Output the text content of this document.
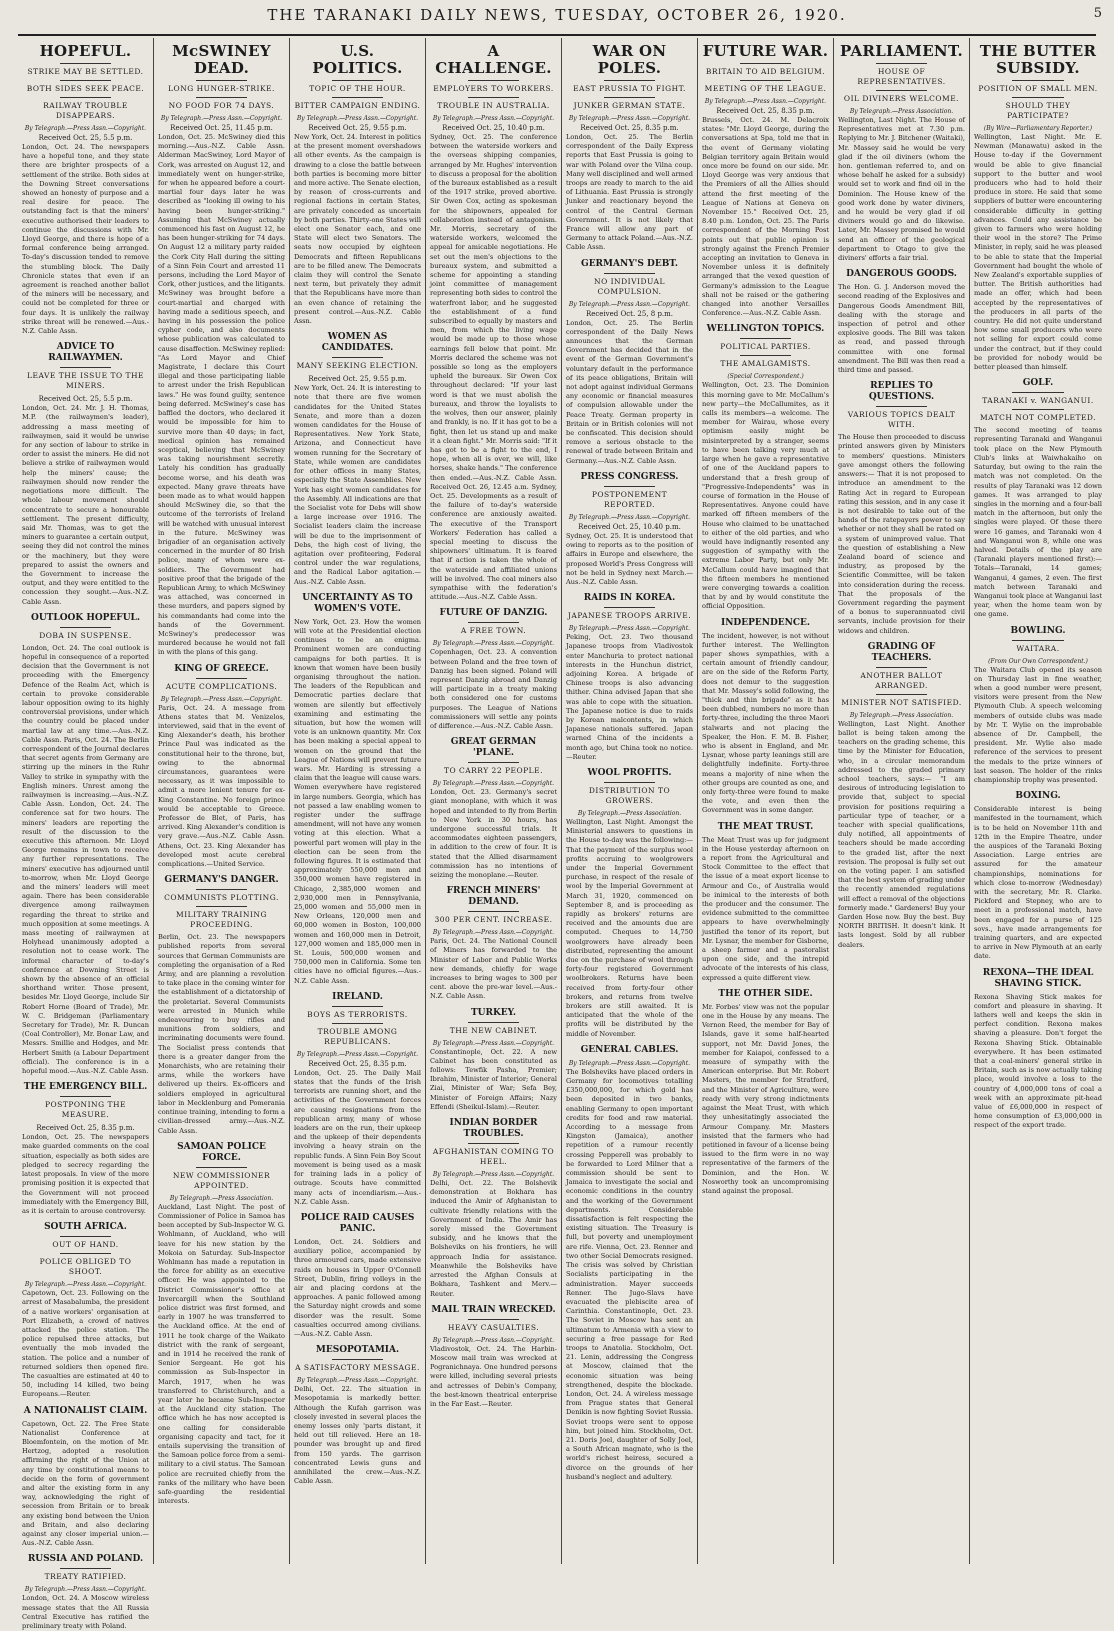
THE TARANAKI DAILY NEWS, TUESDAY, OCTOBER 26, 1920.	5
HOPEFUL.
STRIKE MAY BE SETTLED.
BOTH SIDES SEEK PEACE.
RAILWAY TROUBLE DISAPPEARS.
By Telegraph.—Press Assn.—Copyright.
Received Oct. 25, 5.5 p.m.

London, Oct. 24. The newspapers have a hopeful tone, and they state there are brighter prospects of a settlement of the strike. Both sides at the Downing Street conversations showed an honesty of purpose and a real desire for peace. The outstanding fact is that the miners' executive authorised their leaders to continue the discussions with Mr. Lloyd George, and there is hope of a formal conference being arranged. To-day's discussion tended to remove the stumbling block. The Daily Chronicle states that even if an agreement is reached another ballot of the miners will be necessary, and could not be completed for three or four days. It is unlikely the railway strike threat will be renewed.—Aus.-N.Z. Cable Assn.

ADVICE TO RAILWAYMEN.
LEAVE THE ISSUE TO THE MINERS.
Received Oct. 25, 5.5 p.m.

London, Oct. 24. Mr. J. H. Thomas, M.P. (the railwaymen's leader), addressing a mass meeting of railwaymen, said it would be unwise for any section of labour to strike in order to assist the miners. He did not believe a strike of railwaymen would help the miners' cause; the railwaymen should now render the negotiations more difficult. The whole labour movement should concentrate to secure a honourable settlement. The present difficulty, said Mr. Thomas, was to get the miners to guarantee a certain output, seeing they did not control the mines or the machinery, but they were prepared to assist the owners and the Government to increase the output, and they were entitled to the concession they sought.—Aus.-N.Z. Cable Assn.

OUTLOOK HOPEFUL.
DOBA IN SUSPENSE.

London, Oct. 24. The coal outlook is hopeful in consequence of a reported decision that the Government is not proceeding with the Emergency Defence of the Realm Act, which is certain to provoke considerable labour opposition owing to its highly controversial provisions, under which the country could be placed under martial law at any time.—Aus.-N.Z. Cable Assn. Paris, Oct. 24. The Berlin correspondent of the Journal declares that secret agents from Germany are stirring up the miners in the Ruhr Valley to strike in sympathy with the English miners. Unrest among the railwaymen is increasing.—Aus.-N.Z. Cable Assn. London, Oct. 24. The conference sat for two hours. The miners' leaders are reporting the result of the discussion to the executive this afternoon. Mr. Lloyd George remains in town to receive any further representations. The miners' executive has adjourned until to-morrow, when Mr. Lloyd George and the miners' leaders will meet again. There has been considerable divergence among railwaymen regarding the threat to strike and much opposition at some meetings. A mass meeting of railwaymen at Holyhead unanimously adopted a resolution not to cease work. The informal character of to-day's conference at Downing Street is shown by the absence of an official shorthand writer. Those present, besides Mr. Lloyd George, include Sir Robert Horne (Board of Trade), Mr. W. C. Bridgeman (Parliamentary Secretary for Trade), Mr. R. Duncan (Coal Controller), Mr. Bonar Law, and Messrs. Smillie and Hodges, and Mr. Herbert Smith (a Labour Department official). The conference is in a hopeful mood.—Aus.-N.Z. Cable Assn.

THE EMERGENCY BILL.
POSTPONING THE MEASURE.
Received Oct. 25, 8.35 p.m.

London, Oct. 25. The newspapers make guarded comments on the coal situation, especially as both sides are pledged to secrecy regarding the latest proposals. In view of the more promising position it is expected that the Government will not proceed immediately with the Emergency Bill, as it is certain to arouse controversy.

SOUTH AFRICA.
OUT OF HAND.
POLICE OBLIGED TO SHOOT.
By Telegraph.—Press Assn.—Copyright.

Capetown, Oct. 23. Following on the arrest of Masabalumba, the president of a native workers' organisation at Port Elizabeth, a crowd of natives attacked the police station. The police repulsed three attacks, but eventually the mob invaded the station. The police and a number of returned soldiers then opened fire. The casualties are estimated at 40 to 50, including 14 killed, two being Europeans.—Reuter.

A NATIONALIST CLAIM.

Capetown, Oct. 22. The Free State Nationalist Conference at Bloemfontein, on the motion of Mr. Hertzog, adopted a resolution affirming the right of the Union at any time by constitutional means to decide on the form of government and alter the existing form in any way, acknowledging the right of secession from Britain or to break any existing bond between the Union and Britain, and also declaring against any closer imperial union.—Aus.-N.Z. Cable Assn.

RUSSIA AND POLAND.
TREATY RATIFIED.
By Telegraph.—Press Assn.—Copyright.

London, Oct. 24. A Moscow wireless message states that the All Russia Central Executive has ratified the preliminary treaty with Poland.

McSWINEY DEAD.
LONG HUNGER-STRIKE.
NO FOOD FOR 74 DAYS.
By Telegraph.—Press Assn.—Copyright.
Received Oct. 25, 11.45 p.m.

London, Oct. 25. McSwiney died this morning.—Aus.-N.Z. Cable Assn. Alderman MacSwiney, Lord Mayor of Cork, was arrested on August 12, and immediately went on hunger-strike, for when he appeared before a court-martial four days later he was described as "looking ill owing to his having been hunger-striking." Assuming that McSwiney actually commenced his fast on August 12, he has been hunger-striking for 74 days. On August 12 a military party raided the Cork City Hall during the sitting of a Sinn Fein Court and arrested 11 persons, including the Lord Mayor of Cork, other justices, and the litigants. McSwiney was brought before a court-martial and charged with having made a seditious speech, and having in his possession the police cypher code, and also documents whose publication was calculated to cause disaffection. McSwiney replied: "As Lord Mayor and Chief Magistrate, I declare this Court illegal and those participating liable to arrest under the Irish Republican laws." He was found guilty, sentence being deferred. McSwiney's case has baffled the doctors, who declared it would be impossible for him to survive more than 40 days; in fact, medical opinion has remained sceptical, believing that McSwiney was taking nourishment secretly. Lately his condition has gradually become worse, and his death was expected. Many grave threats have been made as to what would happen should McSwiney die, so that the outcome of the terrorists of Ireland will be watched with unusual interest in the future. McSwiney was brigadier of an organisation actively concerned in the murder of 80 Irish police, many of whom were ex-soldiers. The Government had positive proof that the brigade of the Republican Army, to which McSwiney was attached, was concerned in these murders, and papers signed by his commandants had come into the hands of the Government. McSwiney's predecessor was murdered because he would not fall in with the plans of this gang.

KING OF GREECE.
ACUTE COMPLICATIONS.
By Telegraph.—Press Assn.—Copyright.

Paris, Oct. 24. A message from Athens states that M. Venizelos, interviewed, said that in the event of King Alexander's death, his brother Prince Paul was indicated as the constitutional heir to the throne, but, owing to the abnormal circumstances, guarantees were necessary, as it was impossible to admit a more lenient tenure for ex-King Constantine. No foreign prince would be acceptable to Greece. Professor de Blet, of Paris, has arrived. King Alexander's condition is very grave.—Aus.-N.Z. Cable Assn. Athens, Oct. 23. King Alexander has developed most acute cerebral complications.—United Service.

GERMANY'S DANGER.
COMMUNISTS PLOTTING.
MILITARY TRAINING PROCEEDING.

Berlin, Oct. 23. The newspapers published reports from several sources that German Communists are completing the organisation of a Red Army, and are planning a revolution to take place in the coming winter for the establishment of a dictatorship of the proletariat. Several Communists were arrested in Munich while endeavouring to buy rifles and munitions from soldiers, and incriminating documents were found. The Socialist press contends that there is a greater danger from the Monarchists, who are retaining their arms, while the workers have delivered up theirs. Ex-officers and soldiers employed in agricultural labor in Mecklenburg and Pomerania continue training, intending to form a civilian-dressed army.—Aus.-N.Z. Cable Assn.

SAMOAN POLICE FORCE.
NEW COMMISSIONER APPOINTED.
By Telegraph.—Press Association.

Auckland, Last Night. The post of Commissioner of Police in Samoa has been accepted by Sub-Inspector W. G. Wohlmann, of Auckland, who will leave for his new station by the Mokoia on Saturday. Sub-Inspector Wohlmann has made a reputation in the force for ability as an executive officer. He was appointed to the District Commissioner's office at Invercargill when the Southland police district was first formed, and early in 1907 he was transferred to the Auckland office. At the end of 1911 he took charge of the Waikato district with the rank of sergeant, and in 1914 he received the rank of Senior Sergeant. He got his commission as Sub-Inspector in March, 1917, when he was transferred to Christchurch, and a year later he became Sub-Inspector at the Auckland city station. The office which he has now accepted is one calling for considerable organising capacity and tact, for it entails supervising the transition of the Samoan police force from a semi-military to a civil status. The Samoan police are recruited chiefly from the ranks of the military who have been safe-guarding the residential interests.

U.S. POLITICS.
TOPIC OF THE HOUR.
BITTER CAMPAIGN ENDING.
By Telegraph.—Press Assn.—Copyright.
Received Oct. 25, 9.55 p.m.

New York, Oct. 24. Interest in politics at the present moment overshadows all other events. As the campaign is drawing to a close the battle between both parties is becoming more bitter and more active. The Senate election, by reason of cross-currents and regional factions in certain States, are privately conceded as uncertain by both parties. Thirty-one States will elect one Senator each, and one State will elect two Senators. The seats now occupied by eighteen Democrats and fifteen Republicans are to be filled anew. The Democrats claim they will control the Senate next term, but privately they admit that the Republicans have more than an even chance of retaining the present control.—Aus.-N.Z. Cable Assn.

WOMEN AS CANDIDATES.
MANY SEEKING ELECTION.
Received Oct. 25, 9.55 p.m.

New York, Oct. 24. It is interesting to note that there are five women candidates for the United States Senate, and more than a dozen women candidates for the House of Representatives. New York State, Arizona, and Connecticut have women running for the Secretary of State, while women are candidates for other offices in many States, especially the State Assemblies. New York has eight women candidates for the Assembly. All indications are that the Socialist vote for Debs will show a large increase over 1916. The Socialist leaders claim the increase will be due to the imprisonment of Debs, the high cost of living, the agitation over profiteering, Federal control under the war regulations, and the Radical Labor agitation.—Aus.-N.Z. Cable Assn.

UNCERTAINTY AS TO WOMEN'S VOTE.

New York, Oct. 23. How the women will vote at the Presidential election continues to be an enigma. Prominent women are conducting campaigns for both parties. It is known that women have been busily organising throughout the nation. The leaders of the Republican and Democratic parties declare that women are silently but effectively examining and estimating the situation, but how the women will vote is an unknown quantity. Mr. Cox has been making a special appeal to women on the ground that the League of Nations will prevent future wars. Mr. Harding is stressing a claim that the league will cause wars. Women everywhere have registered in large numbers. Georgia, which has not passed a law enabling women to register under the suffrage amendment, will not have any women voting at this election. What a powerful part women will play in the election can be seen from the following figures. It is estimated that approximately 550,000 men and 350,000 women have registered in Chicago, 2,385,000 women and 2,930,000 men in Pennsylvania, 25,000 women and 55,000 men in New Orleans, 120,000 men and 60,000 women in Boston, 100,000 women and 160,000 men in Detroit, 127,000 women and 185,000 men in St. Louis, 500,000 women and 750,000 men in California. Some ten cities have no official figures.—Aus.-N.Z. Cable Assn.

IRELAND.
BOYS AS TERRORISTS.
TROUBLE AMONG REPUBLICANS.
By Telegraph.—Press Assn.—Copyright.
Received Oct. 25, 8.35 p.m.

London, Oct. 25. The Daily Mail states that the funds of the Irish terrorists are running short, and the activities of the Government forces are causing resignations from the republican army, many of whose leaders are on the run, their upkeep and the upkeep of their dependents involving a heavy strain on the republic funds. A Sinn Fein Boy Scout movement is being used as a mask for training lads in a policy of outrage. Scouts have committed many acts of incendiarism.—Aus.-N.Z. Cable Assn.

POLICE RAID CAUSES PANIC.

London, Oct. 24. Soldiers and auxiliary police, accompanied by three armoured cars, made extensive raids on houses in Upper O'Connell Street, Dublin, firing volleys in the air and placing cordons at the approaches. A panic followed among the Saturday night crowds and some disorder was the result. Some casualties occurred among civilians.—Aus.-N.Z. Cable Assn.

MESOPOTAMIA.
A SATISFACTORY MESSAGE.
By Telegraph.—Press Assn.—Copyright.

Delhi, Oct. 22. The situation in Mesopotamia is markedly better. Although the Kufah garrison was closely invested in several places the enemy losses only 'parts distant, it held out till relieved. Here an 18-pounder was brought up and fired from 150 yards. The garrison concentrated Lewis guns and annihilated the crew.—Aus.-N.Z. Cable Assn.

A CHALLENGE.
EMPLOYERS TO WORKERS.
TROUBLE IN AUSTRALIA.
By Telegraph.—Press Assn.—Copyright.
Received Oct. 25, 10.40 p.m.

Sydney, Oct. 25. The conference between the waterside workers and the overseas shipping companies, arranged by Mr. Hughes' intervention to discuss a proposal for the abolition of the bureaux established as a result of the 1917 strike, proved abortive. Sir Owen Cox, acting as spokesman for the shipowners, appealed for collaboration instead of antagonism. Mr. Morris, secretary of the waterside workers, welcomed the appeal for amicable negotiations. He set out the men's objections to the bureaux system, and submitted a scheme for appointing a standing joint committee of management representing both sides to control the waterfront labor, and he suggested the establishment of a fund subscribed to equally by masters and men, from which the living wage would be made up to those whose earnings fell below that point. Mr. Morris declared the scheme was not possible so long as the employers upheld the bureaux. Sir Owen Cox throughout declared: "If your last word is that we must abolish the bureaux, and throw the loyalists to the wolves, then our answer, plainly and frankly, is no. If it has got to be a fight, then let us stand up and make it a clean fight." Mr. Morris said: "If it has got to be a fight to the end, I hope, when all is over, we will, like horses, shake hands." The conference then ended.—Aus.-N.Z. Cable Assn. Received Oct. 26, 12.45 a.m. Sydney, Oct. 25. Developments as a result of the failure of to-day's waterside conference are anxiously awaited. The executive of the Transport Workers' Federation has called a special meeting to discuss the shipowners' ultimatum. It is feared that if action is taken the whole of the waterside and affiliated unions will be involved. The coal miners also sympathise with the federation's attitude.—Aus.-N.Z. Cable Assn.

FUTURE OF DANZIG.
A FREE TOWN.
By Telegraph.—Press Assn.—Copyright.

Copenhagen, Oct. 23. A convention between Poland and the free town of Danzig has been signed. Poland will represent Danzig abroad and Danzig will participate in a treaty making both considered one for customs purposes. The League of Nations commissioners will settle any points of difference.—Aus.-N.Z. Cable Assn.

GREAT GERMAN 'PLANE.
TO CARRY 22 PEOPLE.
By Telegraph.—Press Assn.—Copyright.

London, Oct. 23. Germany's secret giant monoplane, with which it was hoped and intended to fly from Berlin to New York in 30 hours, has undergone successful trials. It accommodates eighteen passengers, in addition to the crew of four. It is stated that the Allied disarmament commission has no intentions of seizing the monoplane.—Reuter.

FRENCH MINERS' DEMAND.
300 PER CENT. INCREASE.
By Telegraph.—Press Assn.—Copyright.

Paris, Oct. 24. The National Council of Miners has forwarded to the Minister of Labor and Public Works new demands, chiefly for wage increases to bring wages to 300 per cent. above the pre-war level.—Aus.-N.Z. Cable Assn.

TURKEY.
THE NEW CABINET.
By Telegraph.—Press Assn.—Copyright.

Constantinople, Oct. 22. A new Cabinet has been constituted as follows: Tewfik Pasha, Premier; Ibrahim, Minister of Interior; General Ziai, Minister of War; Sefa Bey, Minister of Foreign Affairs; Nazy Effendi (Sheikul-Islam).—Reuter.

INDIAN BORDER TROUBLES.
AFGHANISTAN COMING TO HEEL.
By Telegraph.—Press Assn.—Copyright.

Delhi, Oct. 22. The Bolshevik demonstration at Bokhara has induced the Amir of Afghanistan to cultivate friendly relations with the Government of India. The Amir has sorely missed the Government subsidy, and he knows that the Bolsheviks on his frontiers, he will approach India for assistance. Meanwhile the Bolsheviks have arrested the Afghan Consuls at Bokhara, Tashkent and Merv.—Reuter.

MAIL TRAIN WRECKED.
HEAVY CASUALTIES.
By Telegraph.—Press Assn.—Copyright.

Vladivostok, Oct. 24. The Harbin-Moscow mail train was wrecked at Pogranichnaya. One hundred persons were killed, including several priests and actresses of Debin's Company, the best-known theatrical enterprise in the Far East.—Reuter.

WAR ON POLES.
EAST PRUSSIA TO FIGHT.
JUNKER GERMAN STATE.
By Telegraph.—Press Assn.—Copyright.
Received Oct. 25, 8.35 p.m.

London, Oct. 25. The Berlin correspondent of the Daily Express reports that East Prussia is going to war with Poland over the Vilna coup. Many well disciplined and well armed troops are ready to march to the aid of Lithuania. East Prussia is strongly Junker and reactionary beyond the control of the Central German Government. It is not likely that France will allow any part of Germany to attack Poland.—Aus.-N.Z. Cable Assn.

GERMANY'S DEBT.
NO INDIVIDUAL COMPULSION.
By Telegraph.—Press Assn.—Copyright.
Received Oct. 25, 8 p.m.

London, Oct. 25. The Berlin correspondent of the Daily News announces that the German Government has decided that in the event of the German Government's voluntary default in the performance of its peace obligations, Britain will not adopt against individual Germans any economic or financial measures of compulsion allowable under the Peace Treaty. German property in Britain or in British colonies will not be confiscated. This decision should remove a serious obstacle to the renewal of trade between Britain and Germany.—Aus.-N.Z. Cable Assn.

PRESS CONGRESS.
POSTPONEMENT REPORTED.
By Telegraph.—Press Assn.—Copyright.
Received Oct. 25, 10.40 p.m.

Sydney, Oct. 25. It is understood that owing to reports as to the position of affairs in Europe and elsewhere, the proposed World's Press Congress will not be held in Sydney next March.—Aus.-N.Z. Cable Assn.

RAIDS IN KOREA.
JAPANESE TROOPS ARRIVE.
By Telegraph.—Press Assn.—Copyright.

Peking, Oct. 23. Two thousand Japanese troops from Vladivostok enter Manchuria to protect national interests in the Hunchun district, adjoining Korea. A brigade of Chinese troops is also advancing thither. China advised Japan that she was able to cope with the situation. The Japanese notice is due to raids by Korean malcontents, in which Japanese nationals suffered. Japan warned China of the incidents a month ago, but China took no notice.—Reuter.

WOOL PROFITS.
DISTRIBUTION TO GROWERS.
By Telegraph.—Press Association.

Wellington, Last Night. Amongst the Ministerial answers to questions in the House to-day was the following:— That the payment of the surplus wool profits accruing to woolgrowers under the Imperial Government purchase, in respect of the resale of wool by the Imperial Government at March 31, 1920, commenced on September 8, and is proceeding as rapidly as brokers' returns are received and the amounts due are computed. Cheques to 14,750 woolgrowers have already been distributed, representing the amount due on the purchase of wool through forty-four registered Government woolbrokers. Returns have been received from forty-four other brokers, and returns from twelve brokers are still awaited. It is anticipated that the whole of the profits will be distributed by the middle of November.

GENERAL CABLES.
By Telegraph.—Press Assn.—Copyright.

The Bolsheviks have placed orders in Germany for locomotives totalling £350,000,000, for which gold has been deposited in two banks, enabling Germany to open important credits for food and raw material. According to a message from Kingston (Jamaica), another repetition of a rumour recently crossing Pepperell was probably to be forwarded to Lord Milner that a commission should be sent to Jamaica to investigate the social and economic conditions in the country and the working of the Government departments. Considerable dissatisfaction is felt respecting the existing situation. The Treasury is full, but poverty and unemployment are rife. Vienna, Oct. 23. Renner and two other Social Democrats resigned. The crisis was solved by Christian Socialists participating in the administration. Mayer succeeds Renner. The Jugo-Slavs have evacuated the plebiscite area of Carinthia. Constantinople, Oct. 23. The Soviet in Moscow has sent an ultimatum to Armenia with a view to securing a free passage for Red troops to Anatolia. Stockholm, Oct. 21. Lenin, addressing the Congress at Moscow, claimed that the economic situation was being strengthened, despite the blockade. London, Oct. 24. A wireless message from Prague states that General Denikin is now fighting Soviet Russia. Soviet troops were sent to oppose him, but joined him. Stockholm, Oct. 21. Doris Joel, daughter of Solly Joel, a South African magnate, who is the world's richest heiress, secured a divorce on the grounds of her husband's neglect and adultery.

FUTURE WAR.
BRITAIN TO AID BELGIUM.
MEETING OF THE LEAGUE.
By Telegraph.—Press Assn.—Copyright.
Received Oct. 25, 8.35 p.m.

Brussels, Oct. 24. M. Delacroix states: "Mr. Lloyd George, during the conversations at Spa, told me that in the event of Germany violating Belgian territory again Britain would once more be found on our side. Mr. Lloyd George was very anxious that the Premiers of all the Allies should attend the first meeting of the League of Nations at Geneva on November 15." Received Oct. 25, 8.40 p.m. London, Oct. 25. The Paris correspondent of the Morning Post points out that public opinion is strongly against the French Premier accepting an invitation to Geneva in November unless it is definitely arranged that the vexed question of Germany's admission to the League shall not be raised or the gathering changed into another Versailles Conference.—Aus.-N.Z. Cable Assn.

WELLINGTON TOPICS.
POLITICAL PARTIES.
THE AMALGAMISTS.
(Special Correspondent.)

Wellington, Oct. 23. The Dominion this morning gave to Mr. McCallum's new party—the McCallumites, as it calls its members—a welcome. The member for Wairau, whose every optimism easily might be misinterpreted by a stranger, seems to have been talking very much at large when he gave a representative of one of the Auckland papers to understand that a fresh group of "Progressive-Independents" was in course of formation in the House of Representatives. Anyone could have marked off fifteen members of the House who claimed to be unattached to either of the old parties, and who would have indignantly resented any suggestion of sympathy with the extreme Labor Party, but only Mr. McCallum could have imagined that the fifteen members he mentioned were converging towards a coalition that by and by would constitute the official Opposition.

INDEPENDENCE.

The incident, however, is not without further interest. The Wellington paper shows sympathies, with a certain amount of friendly candour, are on the side of the Reform Party, does not demur to the suggestion that Mr. Massey's solid following, the "thick and thin brigade" as it has been dubbed, numbers no more than forty-three, including the three Maori stalwarts and not placing the Speaker, the Hon. F. M. B. Fisher, who is absent in England, and Mr. Lysnar, whose party leanings still are delightfully indefinite. Forty-three means a majority of nine when the other groups are counted as one, and only forty-three were found to make the vote, and even then the Government was in some danger.

THE MEAT TRUST.

The Meat Trust was up for judgment in the House yesterday afternoon on a report from the Agricultural and Stock Committee to the effect that the issue of a meat export license to Armour and Co., of Australia would be inimical to the interests of both the producer and the consumer. The evidence submitted to the committee appears to have overwhelmingly justified the tenor of its report, but Mr. Lysnar, the member for Gisborne, a sheep farmer and a pastoralist upon one side, and the intrepid advocate of the interests of his class, expressed a quite different view.

THE OTHER SIDE.

Mr. Forbes' view was not the popular one in the House by any means. The Vernon Reed, the member for Bay of Islands, gave it some half-hearted support, not Mr. David Jones, the member for Kaiapoi, confessed to a measure of sympathy with the American enterprise. But Mr. Robert Masters, the member for Stratford, and the Minister of Agriculture, were ready with very strong indictments against the Meat Trust, with which they unhesitatingly associated the Armour Company. Mr. Masters insisted that the farmers who had petitioned in favour of a license being issued to the firm were in no way representative of the farmers of the Dominion, and the Hon. W. Nosworthy took an uncompromising stand against the proposal.

PARLIAMENT.
HOUSE OF REPRESENTATIVES.
OIL DIVINERS WELCOME.
By Telegraph.—Press Association.

Wellington, Last Night. The House of Representatives met at 7.30 p.m. Replying to Mr. J. Bitchener (Waitaki), Mr. Massey said he would be very glad if the oil diviners (whom the hon. gentleman referred to, and on whose behalf he asked for a subsidy) would set to work and find oil in the Dominion. The House knew of the good work done by water diviners, and he would be very glad if oil diviners would go and do likewise. Later, Mr. Massey promised he would send an officer of the geological department to Otago to give the diviners' efforts a fair trial.

DANGEROUS GOODS.

The Hon. G. J. Anderson moved the second reading of the Explosives and Dangerous Goods Amendment Bill, dealing with the storage and inspection of petrol and other explosive goods. The Bill was taken as read, and passed through committee with one formal amendment. The Bill was then read a third time and passed.

REPLIES TO QUESTIONS.
VARIOUS TOPICS DEALT WITH.

The House then proceeded to discuss printed answers given by Ministers to members' questions. Ministers gave amongst others the following answers:— That it is not proposed to introduce an amendment to the Rating Act in regard to European rating this session, and in any case it is not desirable to take out of the hands of the ratepayers power to say whether or not they shall be rated on a system of unimproved value. That the question of establishing a New Zealand board of science and industry, as proposed by the Scientific Committee, will be taken into consideration during the recess. That the proposals of the Government regarding the payment of a bonus to superannuated civil servants, include provision for their widows and children.

GRADING OF TEACHERS.
ANOTHER BALLOT ARRANGED.
MINISTER NOT SATISFIED.
By Telegraph.—Press Association.

Wellington, Last Night. Another ballot is being taken among the teachers on the grading scheme, this time by the Minister for Education, who, in a circular memorandum addressed to the graded primary school teachers, says:— "I am desirous of introducing legislation to provide that, subject to special provision for positions requiring a particular type of teacher, or a teacher with special qualifications, duly notified, all appointments of teachers should be made according to the graded list, after the next revision. The proposal is fully set out on the voting paper. I am satisfied that the best system of grading under the recently amended regulations will effect a removal of the objections formerly made." Gardeners! Buy your Garden Hose now. Buy the best. Buy NORTH BRITISH. It doesn't kink. It lasts longest. Sold by all rubber dealers.

THE BUTTER SUBSIDY.
POSITION OF SMALL MEN.
SHOULD THEY PARTICIPATE?
(By Wire—Parliamentary Reporter.)

Wellington, Last Night. Mr. E. Newman (Manawatu) asked in the House to-day if the Government would be able to give financial support to the butter and wool producers who had to hold their produce in store. He said that some suppliers of butter were encountering considerable difficulty in getting advances. Could any assistance be given to farmers who were holding their wool in the store? The Prime Minister, in reply, said he was pleased to be able to state that the Imperial Government had bought the whole of New Zealand's exportable supplies of butter. The British authorities had made an offer, which had been accepted by the representatives of the producers in all parts of the country. He did not quite understand how some small producers who were not selling for export could come under the contract, but if they could be provided for nobody would be better pleased than himself.

GOLF.
TARANAKI v. WANGANUI.
MATCH NOT COMPLETED.

The second meeting of teams representing Taranaki and Wanganui took place on the New Plymouth Club's links at Waiwhakaiho on Saturday, but owing to the rain the match was not completed. On the results of play Taranaki was 12 down games. It was arranged to play singles in the morning and a four-ball match in the afternoon, but only the singles were played. Of these there were 16 games, and Taranaki won 4 and Wanganui won 8, while one was halved. Details of the play are (Taranaki players mentioned first):— Totals—Taranaki, 14 games; Wanganui, 4 games, 2 even. The first match between Taranaki and Wanganui took place at Wanganui last year, when the home team won by one game.

BOWLING.
WAITARA.
(From Our Own Correspondent.)

The Waitara Club opened its season on Thursday last in fine weather, when a good number were present, visitors were present from the New Plymouth Club. A speech welcoming members of outside clubs was made by Mr. T. Wylie on the improbable absence of Dr. Campbell, the president. Mr. Wylie also made reference of the services to present the medals to the prize winners of last season. The holder of the rinks championship trophy was presented.

BOXING.

Considerable interest is being manifested in the tournament, which is to be held on November 11th and 12th in the Empire Theatre, under the auspices of the Taranaki Boxing Association. Large entries are assured for the amateur championships, nominations for which close to-morrow (Wednesday) with the secretary, Mr. R. Clarke. Pickford and Stepney, who are to meet in a professional match, have been engaged for a purse of 125 sovs., have made arrangements for training quarters, and are expected to arrive in New Plymouth at an early date.

REXONA—THE IDEAL SHAVING STICK.

Rexona Shaving Stick makes for comfort and pleasure in shaving. It lathers well and keeps the skin in perfect condition. Rexona makes shaving a pleasure. Don't forget the Rexona Shaving Stick. Obtainable everywhere. It has been estimated that a coal-miners' general strike in Britain, such as is now actually taking place, would involve a loss to the country of 4,000,000 tons of coal a week with an approximate pit-head value of £6,000,000 in respect of home consumption of £3,000,000 in respect of the export trade.
